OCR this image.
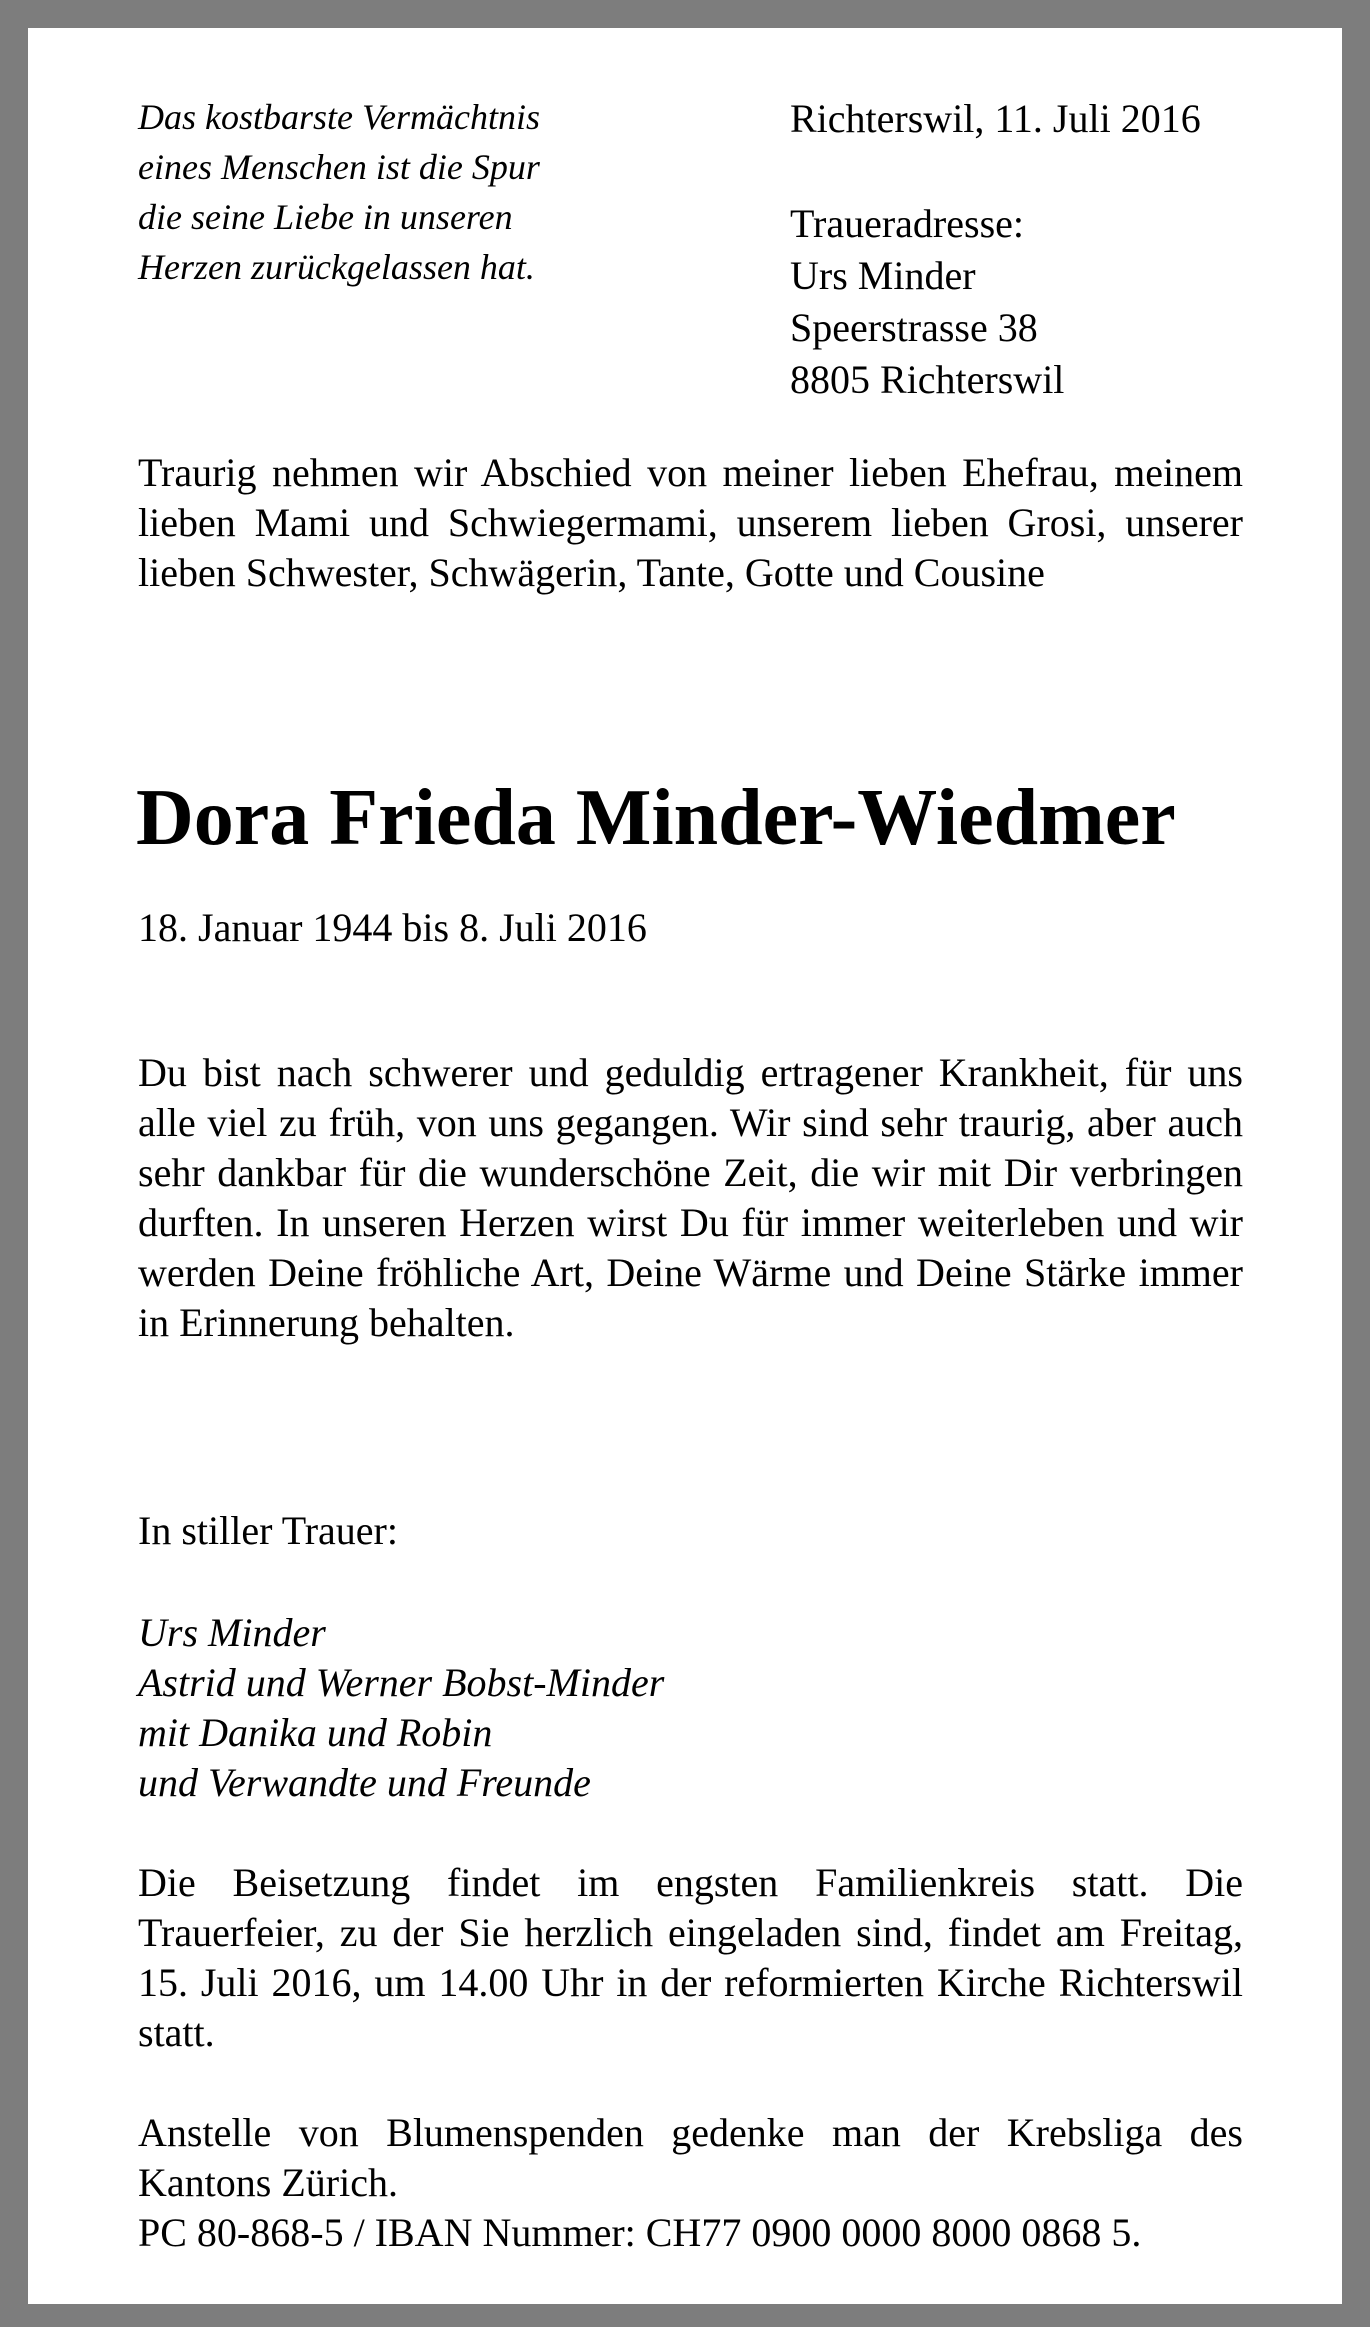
Das kostbarste Vermächtnis
eines Menschen ist die Spur
die seine Liebe in unseren
Herzen zurückgelassen hat.
Richterswil, 11. Juli 2016
Traueradresse:
Urs Minder
Speerstrasse 38
8805 Richterswil
Traurig nehmen wir Abschied von meiner lieben Ehefrau, meinem lieben Mami und Schwiegermami, unserem lieben Grosi, unserer lieben Schwester, Schwägerin, Tante, Gotte und Cousine
Dora Frieda Minder-Wiedmer
18. Januar 1944 bis 8. Juli 2016
Du bist nach schwerer und geduldig ertragener Krankheit, für uns alle viel zu früh, von uns gegangen. Wir sind sehr traurig, aber auch sehr dankbar für die wunderschöne Zeit, die wir mit Dir verbringen durften. In unseren Herzen wirst Du für immer weiterleben und wir werden Deine fröhliche Art, Deine Wärme und Deine Stärke immer in Erinnerung behalten.
In stiller Trauer:
Urs Minder
Astrid und Werner Bobst-Minder
mit Danika und Robin
und Verwandte und Freunde
Die Beisetzung findet im engsten Familienkreis statt. Die Trauerfeier, zu der Sie herzlich eingeladen sind, findet am Freitag, 15. Juli 2016, um 14.00 Uhr in der reformierten Kirche Richterswil statt.
Anstelle von Blumenspenden gedenke man der Krebsliga des Kantons Zürich.
PC 80-868-5 / IBAN Nummer: CH77 0900 0000 8000 0868 5.
